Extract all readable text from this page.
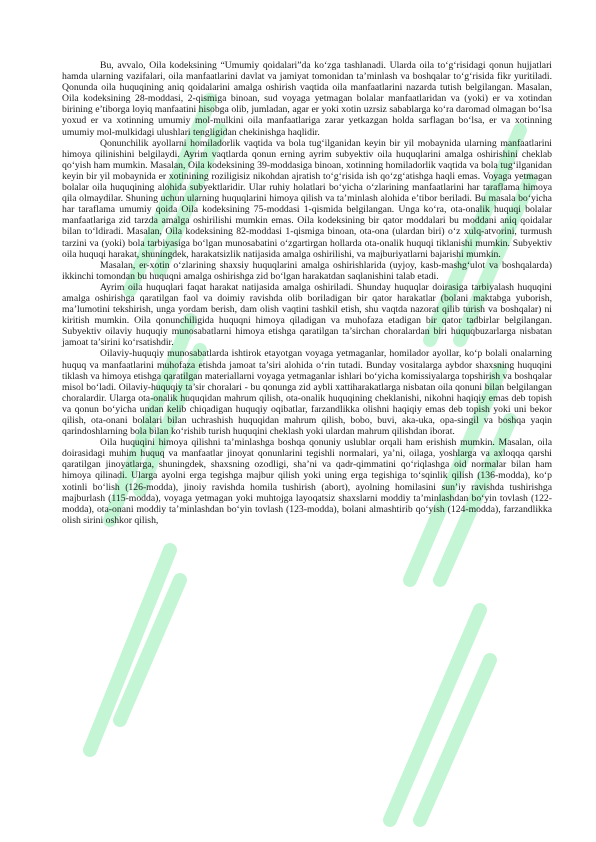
Bu, avvalo, Oila kodeksining “Umumiy qoidalari”da ko‘zga tashlanadi. Ularda oila to‘g‘risidagi qonun hujjatlari hamda ularning vazifalari, oila manfaatlarini davlat va jamiyat tomonidan ta’minlash va boshqalar to‘g‘risida fikr yuritiladi. Qonunda oila huquqining aniq qoidalarini amalga oshirish vaqtida oila manfaatlarini nazarda tutish belgilangan. Masalan, Oila kodeksining 28-moddasi, 2-qismiga binoan, sud voyaga yetmagan bolalar manfaatlaridan va (yoki) er va xotindan birining e’tiborga loyiq manfaatini hisobga olib, jumladan, agar er yoki xotin uzrsiz sabablarga ko‘ra daromad olmagan bo‘lsa yoxud er va xotinning umumiy mol-mulkini oila manfaatlariga zarar yetkazgan holda sarflagan bo‘lsa, er va xotinning umumiy mol-mulkidagi ulushlari tengligidan chekinishga haqlidir.

Qonunchilik ayollarni homiladorlik vaqtida va bola tug‘ilganidan keyin bir yil mobaynida ularning manfaatlarini himoya qilinishini belgilaydi. Ayrim vaqtlarda qonun erning ayrim subyektiv oila huquqlarini amalga oshirishini cheklab qo‘yish ham mumkin. Masalan, Oila kodeksining 39-moddasiga binoan, xotinning homiladorlik vaqtida va bola tug‘ilganidan keyin bir yil mobaynida er xotinining roziligisiz nikohdan ajratish to‘g‘risida ish qo‘zg‘atishga haqli emas. Voyaga yetmagan bolalar oila huquqining alohida subyektlaridir. Ular ruhiy holatlari bo‘yicha o‘zlarining manfaatlarini har taraflama himoya qila olmaydilar. Shuning uchun ularning huquqlarini himoya qilish va ta’minlash alohida e’tibor beriladi. Bu masala bo‘yicha har taraflama umumiy qoida Oila kodeksining 75-moddasi 1-qismida belgilangan. Unga ko‘ra, ota-onalik huquqi bolalar manfaatlariga zid tarzda amalga oshirilishi mumkin emas. Oila kodeksining bir qator moddalari bu moddani aniq qoidalar bilan to‘ldiradi. Masalan, Oila kodeksining 82-moddasi 1-qismiga binoan, ota-ona (ulardan biri) o‘z xulq-atvorini, turmush tarzini va (yoki) bola tarbiyasiga bo‘lgan munosabatini o‘zgartirgan hollarda ota-onalik huquqi tiklanishi mumkin. Subyektiv oila huquqi harakat, shuningdek, harakatsizlik natijasida amalga oshirilishi, va majburiyatlarni bajarishi mumkin.

Masalan, er-xotin o‘zlarining shaxsiy huquqlarini amalga oshirishlarida (uyjoy, kasb-mashg‘ulot va boshqalarda) ikkinchi tomondan bu huquqni amalga oshirishga zid bo‘lgan harakatdan saqlanishini talab etadi.

Ayrim oila huquqlari faqat harakat natijasida amalga oshiriladi. Shunday huquqlar doirasiga tarbiyalash huquqini amalga oshirishga qaratilgan faol va doimiy ravishda olib boriladigan bir qator harakatlar (bolani maktabga yuborish, ma’lumotini tekshirish, unga yordam berish, dam olish vaqtini tashkil etish, shu vaqtda nazorat qilib turish va boshqalar) ni kiritish mumkin. Oila qonunchiligida huquqni himoya qiladigan va muhofaza etadigan bir qator tadbirlar belgilangan. Subyektiv oilaviy huquqiy munosabatlarni himoya etishga qaratilgan ta’sirchan choralardan biri huquqbuzarlarga nisbatan jamoat ta’sirini ko‘rsatishdir.

Oilaviy-huquqiy munosabatlarda ishtirok etayotgan voyaga yetmaganlar, homilador ayollar, ko‘p bolali onalarning huquq va manfaatlarini muhofaza etishda jamoat ta’siri alohida o‘rin tutadi. Bunday vositalarga aybdor shaxsning huquqini tiklash va himoya etishga qaratilgan materiallarni voyaga yetmaganlar ishlari bo‘yicha komissiyalarga topshirish va boshqalar misol bo‘ladi. Oilaviy-huquqiy ta’sir choralari - bu qonunga zid aybli xattiharakatlarga nisbatan oila qonuni bilan belgilangan choralardir. Ularga ota-onalik huquqidan mahrum qilish, ota-onalik huquqining cheklanishi, nikohni haqiqiy emas deb topish va qonun bo‘yicha undan kelib chiqadigan huquqiy oqibatlar, farzandlikka olishni haqiqiy emas deb topish yoki uni bekor qilish, ota-onani bolalari bilan uchrashish huquqidan mahrum qilish, bobo, buvi, aka-uka, opa-singil va boshqa yaqin qarindoshlarning bola bilan ko‘rishib turish huquqini cheklash yoki ulardan mahrum qilishdan iborat.

Oila huquqini himoya qilishni ta’minlashga boshqa qonuniy uslublar orqali ham erishish mumkin. Masalan, oila doirasidagi muhim huquq va manfaatlar jinoyat qonunlarini tegishli normalari, ya’ni, oilaga, yoshlarga va axloqqa qarshi qaratilgan jinoyatlarga, shuningdek, shaxsning ozodligi, sha’ni va qadr-qimmatini qo‘riqlashga oid normalar bilan ham himoya qilinadi. Ularga ayolni erga tegishga majbur qilish yoki uning erga tegishiga to‘sqinlik qilish (136-modda), ko‘p xotinli bo‘lish (126-modda), jinoiy ravishda homila tushirish (abort), ayolning homilasini sun’iy ravishda tushirishga majburlash (115-modda), voyaga yetmagan yoki muhtojga layoqatsiz shaxslarni moddiy ta’minlashdan bo‘yin tovlash (122-modda), ota-onani moddiy ta’minlashdan bo‘yin tovlash (123-modda), bolani almashtirib qo‘yish (124-modda), farzandlikka olish sirini oshkor qilish,
